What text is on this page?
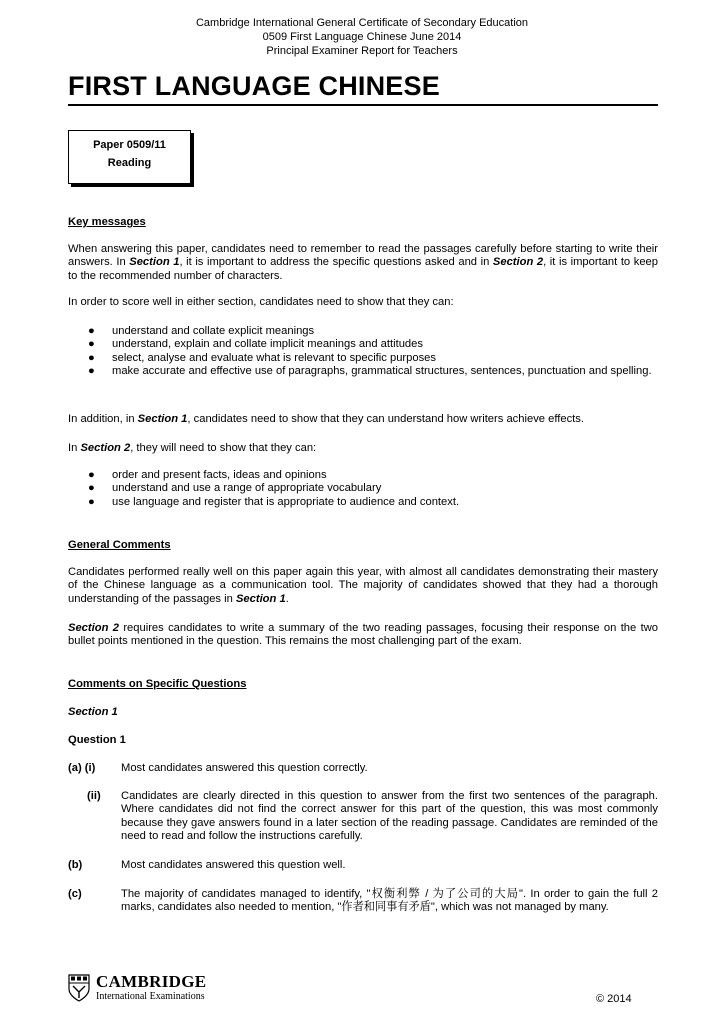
Cambridge International General Certificate of Secondary Education
0509 First Language Chinese June 2014
Principal Examiner Report for Teachers
FIRST LANGUAGE CHINESE
Paper 0509/11
Reading
Key messages
When answering this paper, candidates need to remember to read the passages carefully before starting to write their answers. In Section 1, it is important to address the specific questions asked and in Section 2, it is important to keep to the recommended number of characters.
In order to score well in either section, candidates need to show that they can:
● understand and collate explicit meanings
● understand, explain and collate implicit meanings and attitudes
● select, analyse and evaluate what is relevant to specific purposes
● make accurate and effective use of paragraphs, grammatical structures, sentences, punctuation and spelling.
In addition, in Section 1, candidates need to show that they can understand how writers achieve effects.
In Section 2, they will need to show that they can:
● order and present facts, ideas and opinions
● understand and use a range of appropriate vocabulary
● use language and register that is appropriate to audience and context.
General Comments
Candidates performed really well on this paper again this year, with almost all candidates demonstrating their mastery of the Chinese language as a communication tool. The majority of candidates showed that they had a thorough understanding of the passages in Section 1.
Section 2 requires candidates to write a summary of the two reading passages, focusing their response on the two bullet points mentioned in the question. This remains the most challenging part of the exam.
Comments on Specific Questions
Section 1
Question 1
(a) (i) Most candidates answered this question correctly.
(ii) Candidates are clearly directed in this question to answer from the first two sentences of the paragraph. Where candidates did not find the correct answer for this part of the question, this was most commonly because they gave answers found in a later section of the reading passage. Candidates are reminded of the need to read and follow the instructions carefully.
(b)	Most candidates answered this question well.
(c)	The majority of candidates managed to identify, "权衡利弊 / 为了公司的大局". In order to gain the full 2 marks, candidates also needed to mention, "作者和同事有矛盾", which was not managed by many.
CAMBRIDGE
International Examinations	© 2014
